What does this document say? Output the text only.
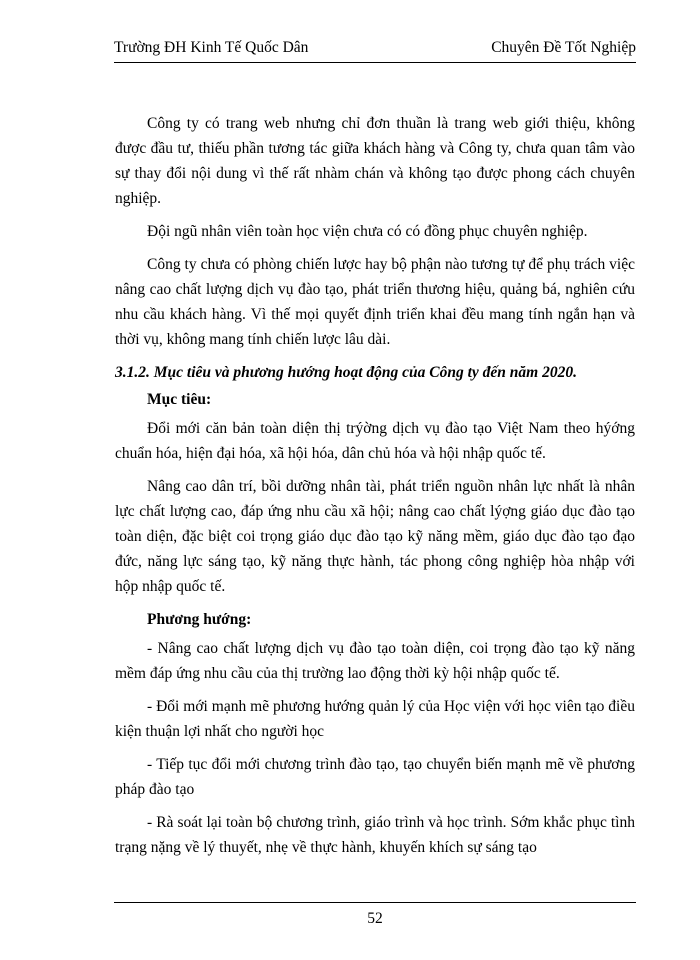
Trường ĐH Kinh Tế Quốc Dân	Chuyên Đề Tốt Nghiệp

Công ty có trang web nhưng chỉ đơn thuần là trang web giới thiệu, không được đầu tư, thiếu phần tương tác giữa khách hàng và Công ty, chưa quan tâm vào sự thay đổi nội dung vì thế rất nhàm chán và không tạo được phong cách chuyên nghiệp.

Đội ngũ nhân viên toàn học viện chưa có có đồng phục chuyên nghiệp.

Công ty chưa có phòng chiến lược hay bộ phận nào tương tự để phụ trách việc nâng cao chất lượng dịch vụ đào tạo, phát triển thương hiệu, quảng bá, nghiên cứu nhu cầu khách hàng. Vì thế mọi quyết định triển khai đều mang tính ngắn hạn và thời vụ, không mang tính chiến lược lâu dài.

3.1.2. Mục tiêu và phương hướng hoạt động của Công ty đến năm 2020.

Mục tiêu:

Đổi mới căn bản toàn diện thị trýờng dịch vụ đào tạo Việt Nam theo hýớng chuẩn hóa, hiện đại hóa, xã hội hóa, dân chủ hóa và hội nhập quốc tế.

Nâng cao dân trí, bồi dưỡng nhân tài, phát triển nguồn nhân lực nhất là nhân lực chất lượng cao, đáp ứng nhu cầu xã hội; nâng cao chất lýợng giáo dục đào tạo toàn diện, đặc biệt coi trọng giáo dục đào tạo kỹ năng mềm, giáo dục đào tạo đạo đức, năng lực sáng tạo, kỹ năng thực hành, tác phong công nghiệp hòa nhập với hộp nhập quốc tế.

Phương hướng:

- Nâng cao chất lượng dịch vụ đào tạo toàn diện, coi trọng đào tạo kỹ năng mềm đáp ứng nhu cầu của thị trường lao động thời kỳ hội nhập quốc tế.

- Đổi mới mạnh mẽ phương hướng quản lý của Học viện với học viên tạo điều kiện thuận lợi nhất cho người học

- Tiếp tục đổi mới chương trình đào tạo, tạo chuyển biến mạnh mẽ về phương pháp đào tạo

- Rà soát lại toàn bộ chương trình, giáo trình và học trình. Sớm khắc phục tình trạng nặng về lý thuyết, nhẹ về thực hành, khuyến khích sự sáng tạo

52
